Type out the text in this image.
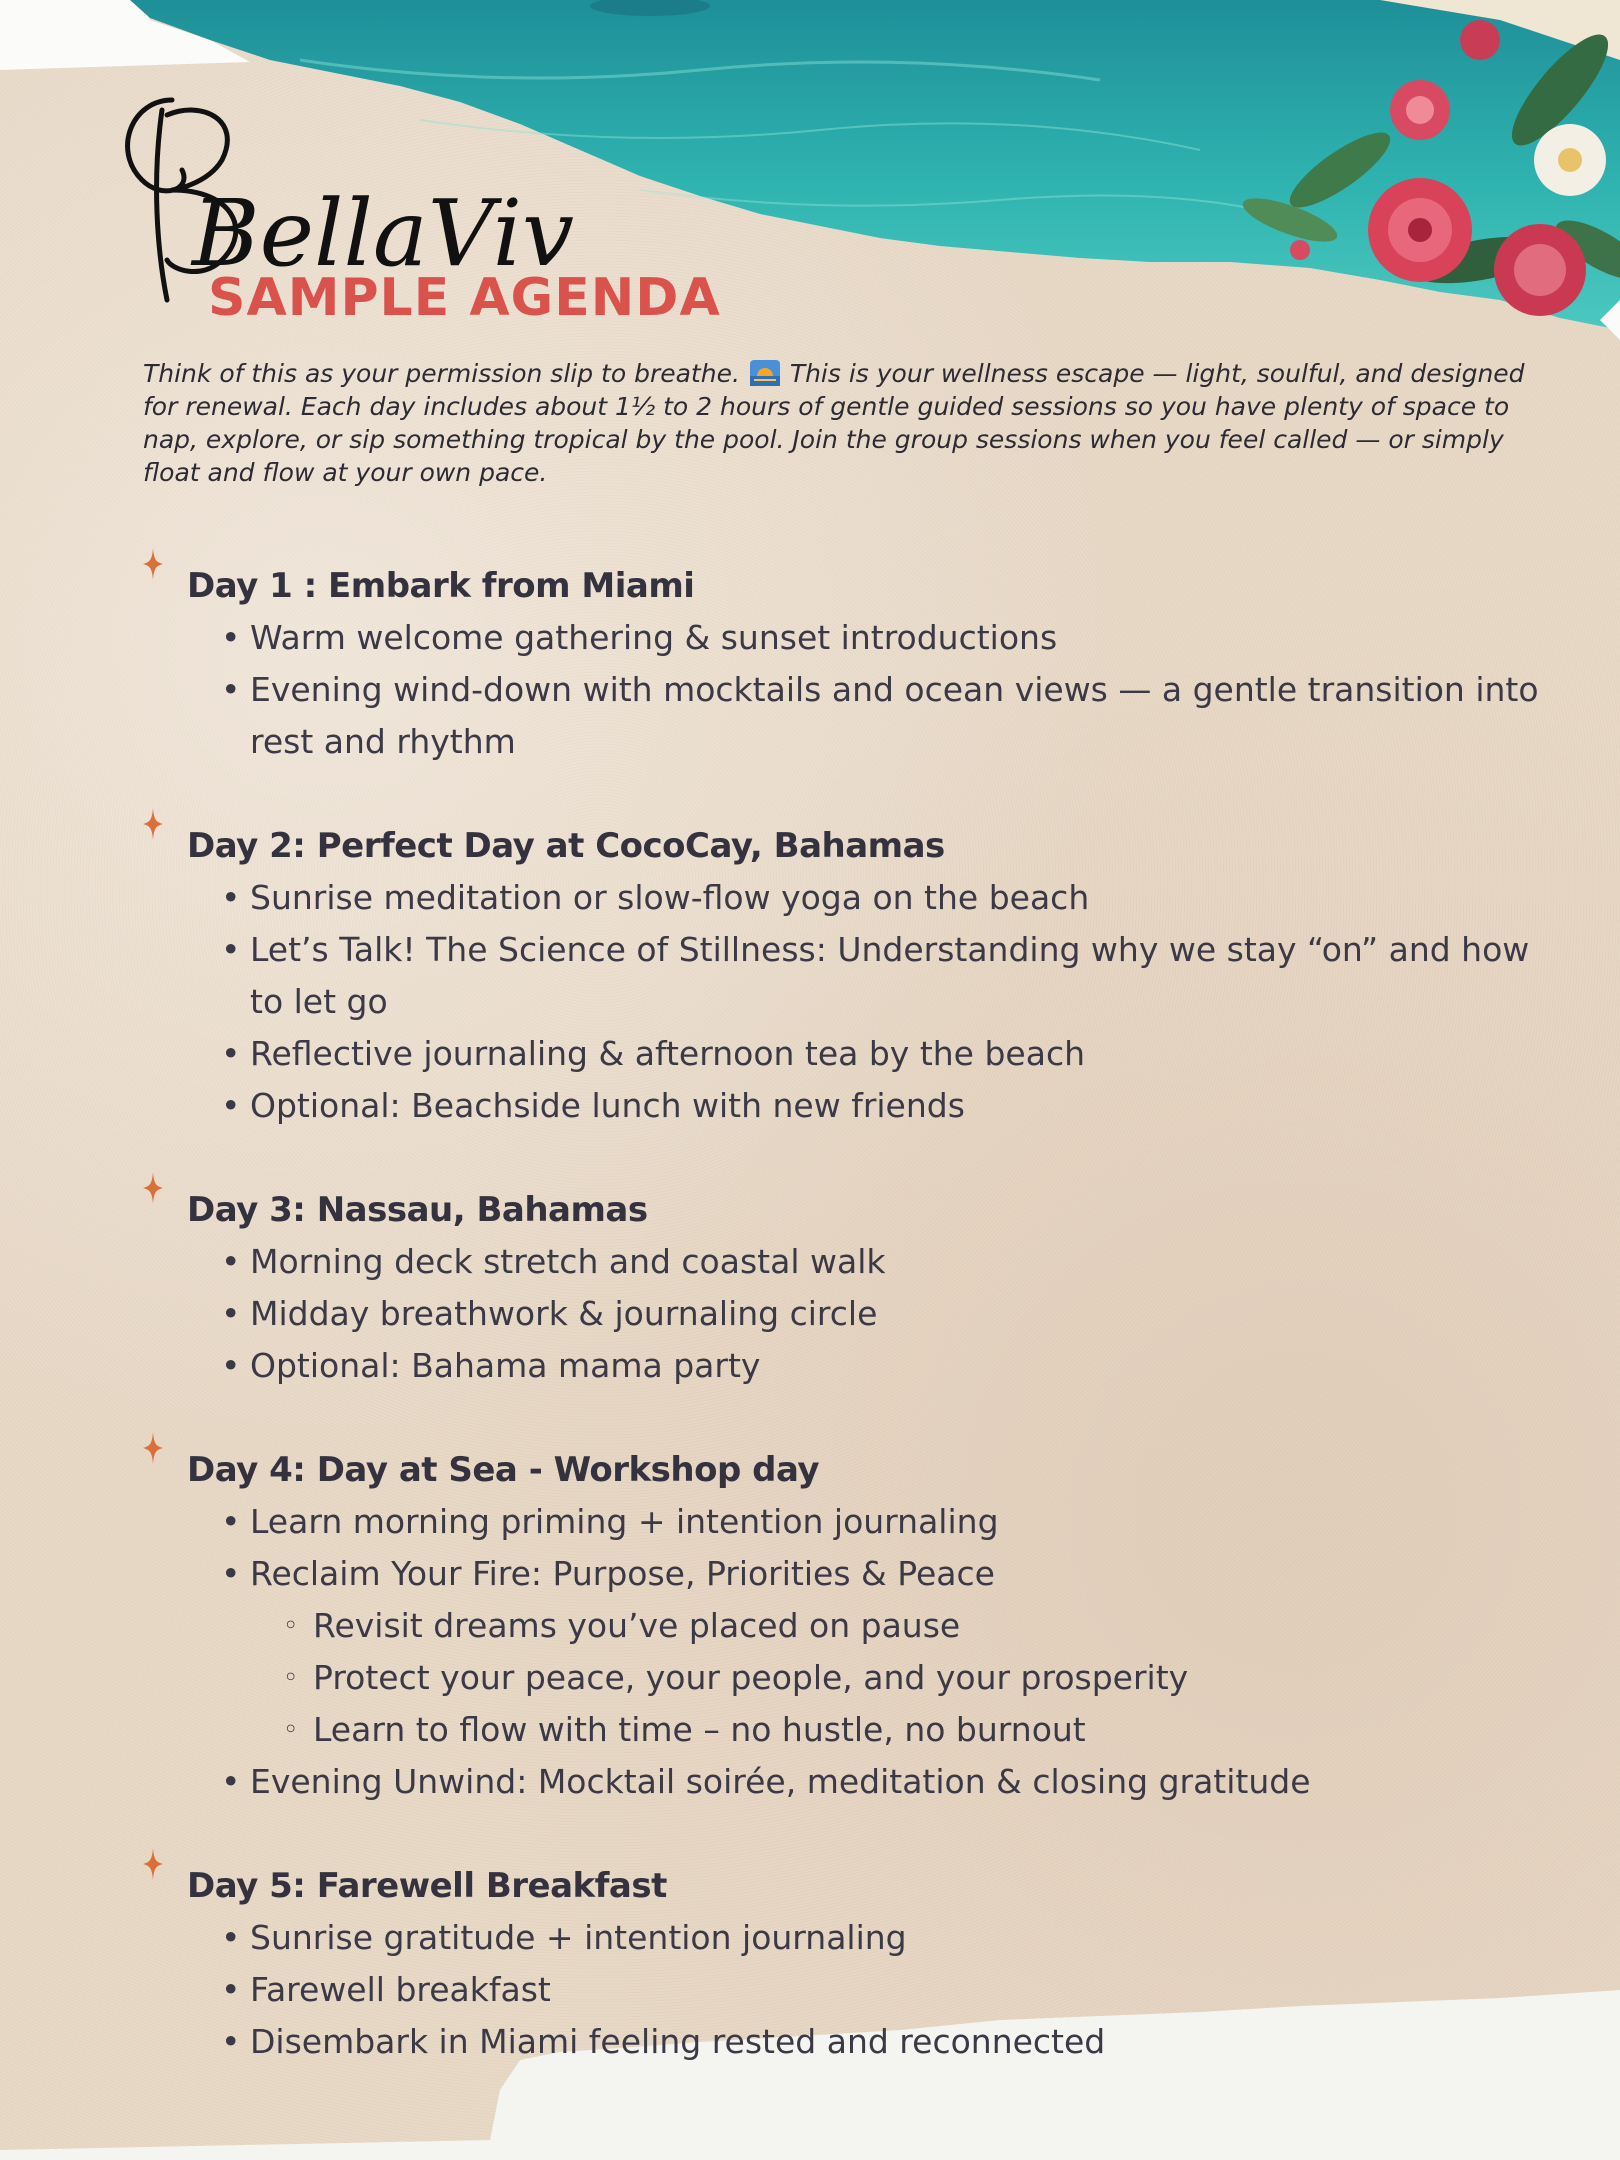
BellaViv
SAMPLE AGENDA

Think of this as your permission slip to breathe. This is your wellness escape — light, soulful, and designed for renewal. Each day includes about 1½ to 2 hours of gentle guided sessions so you have plenty of space to nap, explore, or sip something tropical by the pool. Join the group sessions when you feel called — or simply float and flow at your own pace.

Day 1 : Embark from Miami
• Warm welcome gathering & sunset introductions
• Evening wind-down with mocktails and ocean views — a gentle transition into rest and rhythm
Day 2: Perfect Day at CocoCay, Bahamas
• Sunrise meditation or slow-flow yoga on the beach
• Let’s Talk! The Science of Stillness: Understanding why we stay “on” and how to let go
• Reflective journaling & afternoon tea by the beach
• Optional: Beachside lunch with new friends
Day 3: Nassau, Bahamas
• Morning deck stretch and coastal walk
• Midday breathwork & journaling circle
• Optional: Bahama mama party
Day 4: Day at Sea - Workshop day
• Learn morning priming + intention journaling
• Reclaim Your Fire: Purpose, Priorities & Peace
◦ Revisit dreams you’ve placed on pause
◦ Protect your peace, your people, and your prosperity
◦ Learn to flow with time – no hustle, no burnout
• Evening Unwind: Mocktail soirée, meditation & closing gratitude
Day 5: Farewell Breakfast
• Sunrise gratitude + intention journaling
• Farewell breakfast
• Disembark in Miami feeling rested and reconnected
